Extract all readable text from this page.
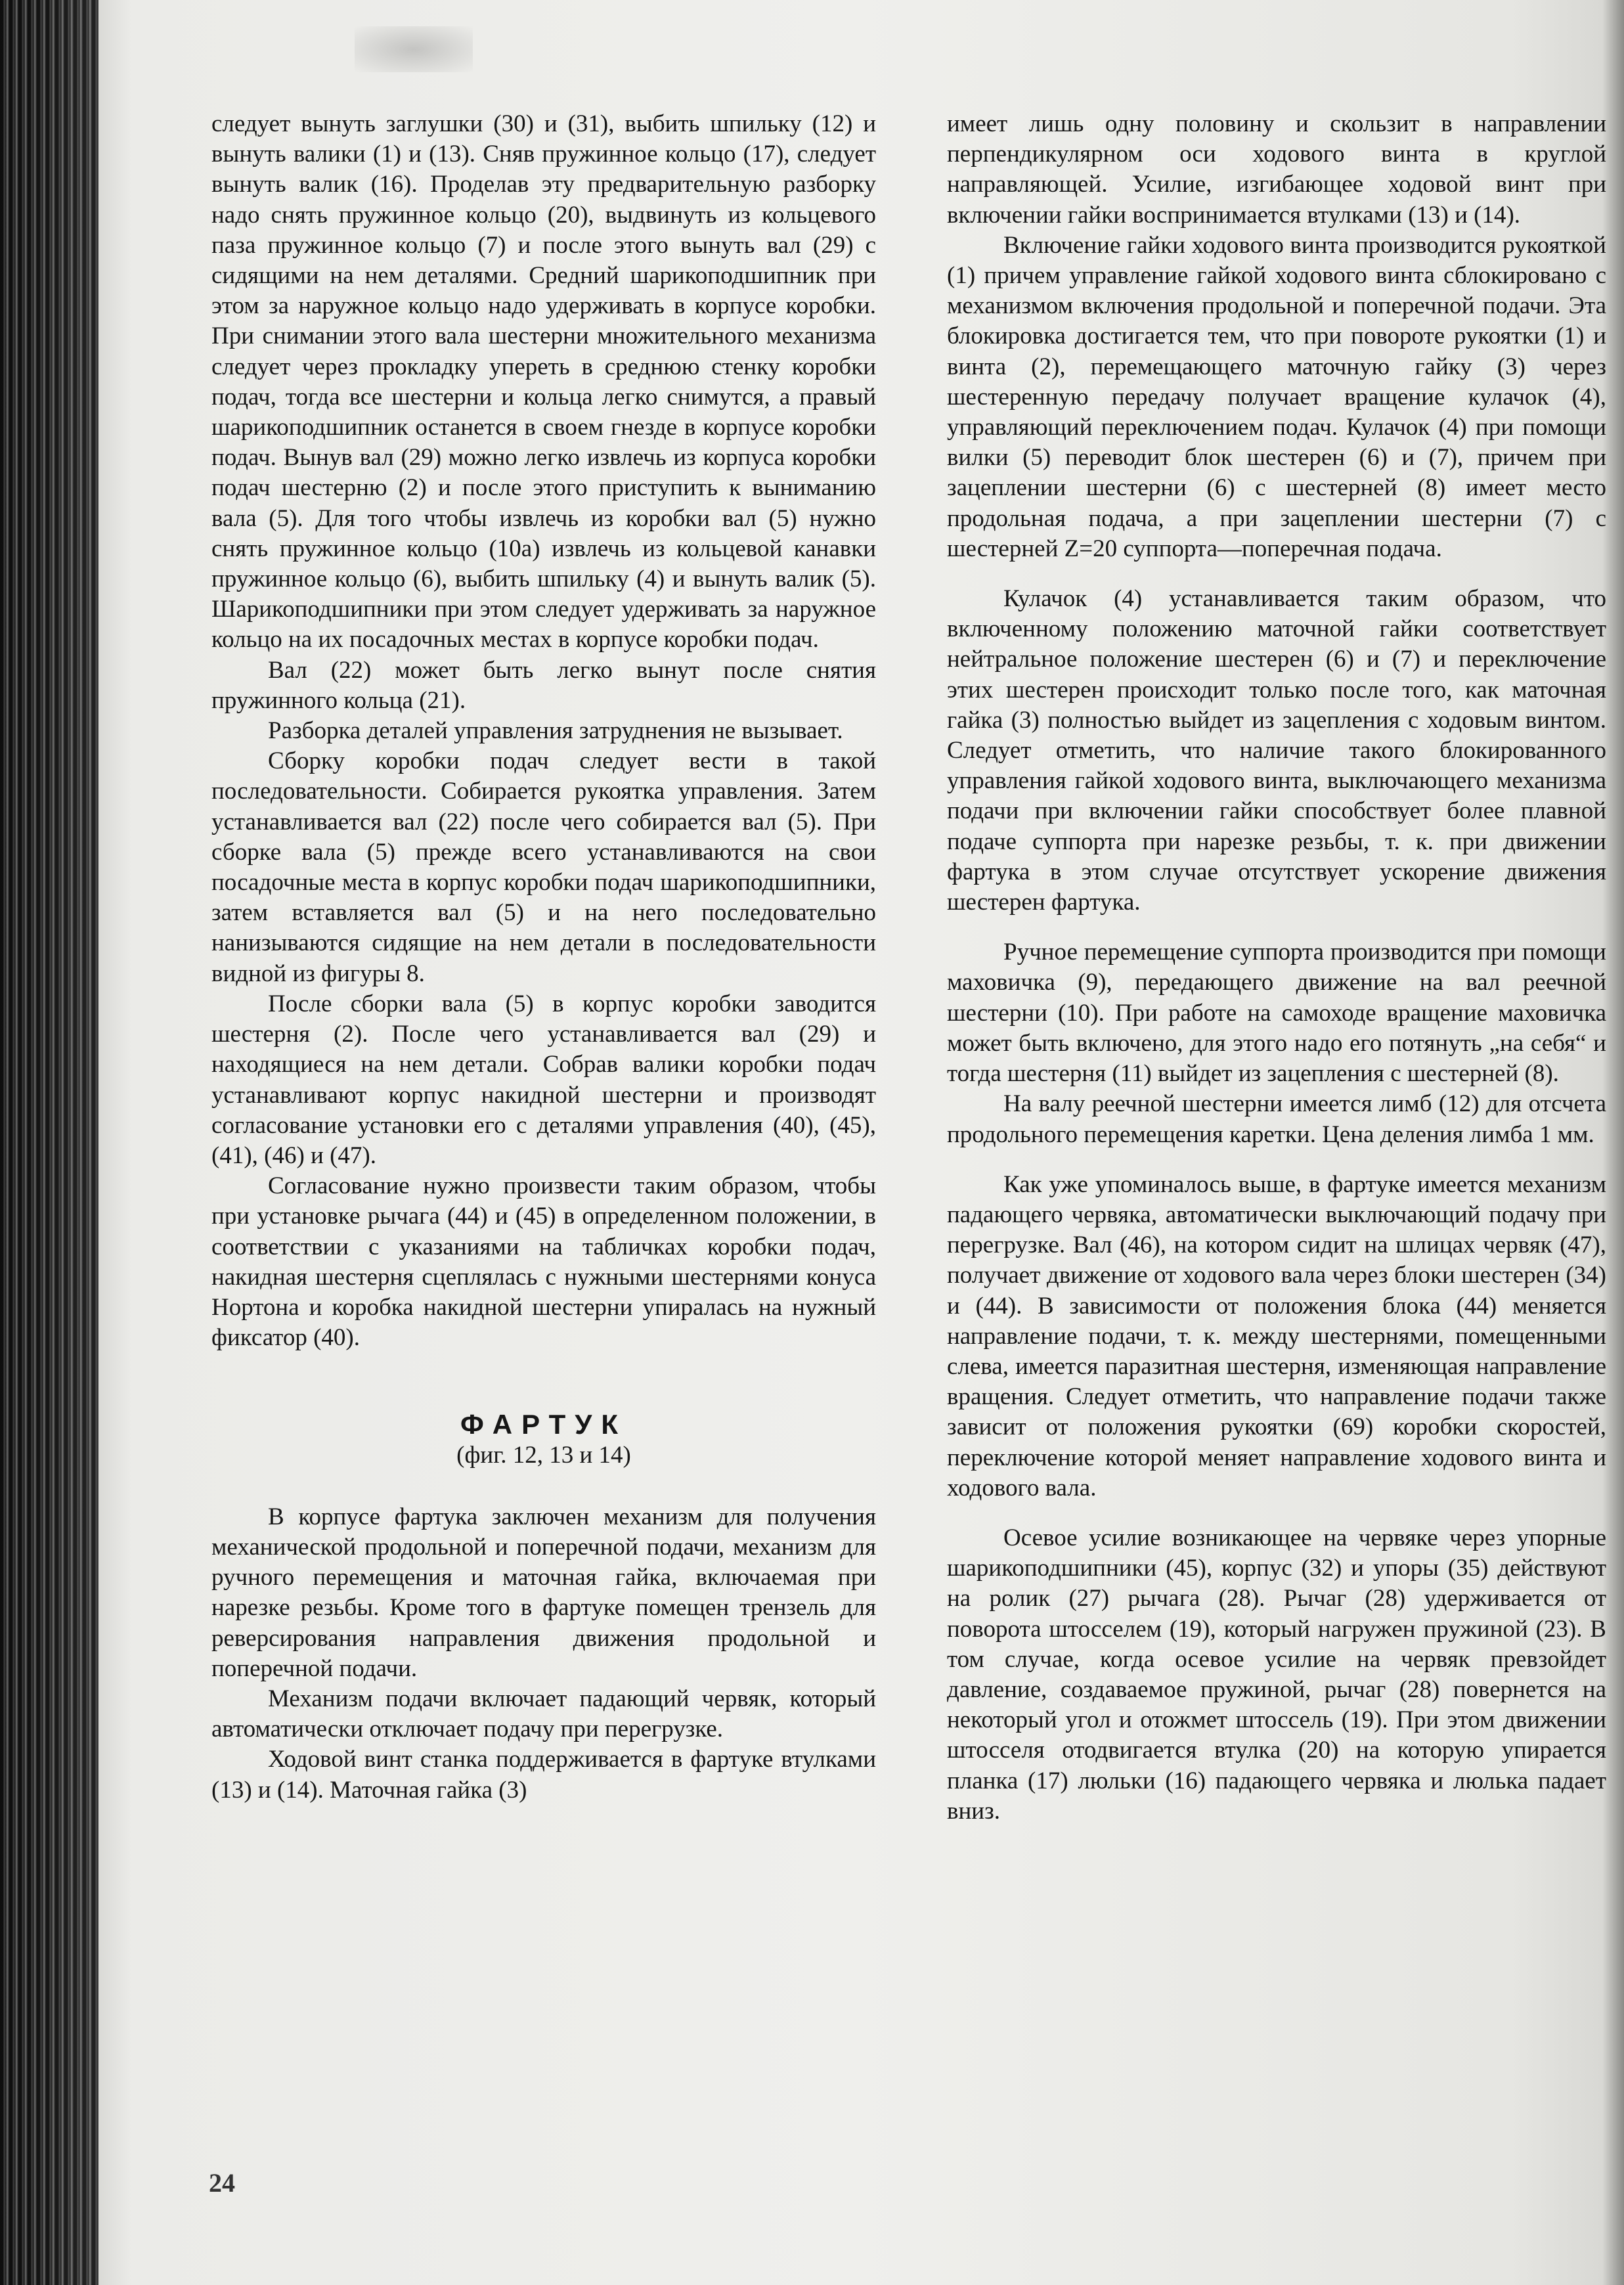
следует вынуть заглушки (30) и (31), выбить шпильку (12) и вынуть валики (1) и (13). Сняв пружинное кольцо (17), следует вынуть валик (16). Проделав эту предварительную разборку надо снять пружинное кольцо (20), выдвинуть из кольцевого паза пружинное кольцо (7) и после этого вынуть вал (29) с сидящими на нем деталями. Средний шарикоподшипник при этом за наружное кольцо надо удерживать в корпусе коробки. При снимании этого вала шестерни множительного механизма следует через прокладку упереть в среднюю стенку коробки подач, тогда все шестерни и кольца легко снимутся, а правый шарикоподшипник останется в своем гнезде в корпусе коробки подач. Вынув вал (29) можно легко извлечь из корпуса коробки подач шестерню (2) и после этого приступить к выниманию вала (5). Для того чтобы извлечь из коробки вал (5) нужно снять пружинное кольцо (10а) извлечь из кольцевой канавки пружинное кольцо (6), выбить шпильку (4) и вынуть валик (5). Шарикоподшипники при этом следует удерживать за наружное кольцо на их посадочных местах в корпусе коробки подач.

Вал (22) может быть легко вынут после снятия пружинного кольца (21).

Разборка деталей управления затруднения не вызывает.

Сборку коробки подач следует вести в такой последовательности. Собирается рукоятка управления. Затем устанавливается вал (22) после чего собирается вал (5). При сборке вала (5) прежде всего устанавливаются на свои посадочные места в корпус коробки подач шарикоподшипники, затем вставляется вал (5) и на него последовательно нанизываются сидящие на нем детали в последовательности видной из фигуры 8.

После сборки вала (5) в корпус коробки заводится шестерня (2). После чего устанавливается вал (29) и находящиеся на нем детали. Собрав валики коробки подач устанавливают корпус накидной шестерни и производят согласование установки его с деталями управления (40), (45), (41), (46) и (47).

Согласование нужно произвести таким образом, чтобы при установке рычага (44) и (45) в определенном положении, в соответствии с указаниями на табличках коробки подач, накидная шестерня сцеплялась с нужными шестернями конуса Нортона и коробка накидной шестерни упиралась на нужный фиксатор (40).

ФАРТУК

(фиг. 12, 13 и 14)

В корпусе фартука заключен механизм для получения механической продольной и поперечной подачи, механизм для ручного перемещения и маточная гайка, включаемая при нарезке резьбы. Кроме того в фартуке помещен трензель для реверсирования направления движения продольной и поперечной подачи.

Механизм подачи включает падающий червяк, который автоматически отключает подачу при перегрузке.

Ходовой винт станка поддерживается в фартуке втулками (13) и (14). Маточная гайка (3)

имеет лишь одну половину и скользит в направлении перпендикулярном оси ходового винта в круглой направляющей. Усилие, изгибающее ходовой винт при включении гайки воспринимается втулками (13) и (14).

Включение гайки ходового винта производится рукояткой (1) причем управление гайкой ходового винта сблокировано с механизмом включения продольной и поперечной подачи. Эта блокировка достигается тем, что при повороте рукоятки (1) и винта (2), перемещающего маточную гайку (3) через шестеренную передачу получает вращение кулачок (4), управляющий переключением подач. Кулачок (4) при помощи вилки (5) переводит блок шестерен (6) и (7), причем при зацеплении шестерни (6) с шестерней (8) имеет место продольная подача, а при зацеплении шестерни (7) с шестерней Z=20 суппорта—поперечная подача.

Кулачок (4) устанавливается таким образом, что включенному положению маточной гайки соответствует нейтральное положение шестерен (6) и (7) и переключение этих шестерен происходит только после того, как маточная гайка (3) полностью выйдет из зацепления с ходовым винтом. Следует отметить, что наличие такого блокированного управления гайкой ходового винта, выключающего механизма подачи при включении гайки способствует более плавной подаче суппорта при нарезке резьбы, т. к. при движении фартука в этом случае отсутствует ускорение движения шестерен фартука.

Ручное перемещение суппорта производится при помощи маховичка (9), передающего движение на вал реечной шестерни (10). При работе на самоходе вращение маховичка может быть включено, для этого надо его потянуть „на себя“ и тогда шестерня (11) выйдет из зацепления с шестерней (8).

На валу реечной шестерни имеется лимб (12) для отсчета продольного перемещения каретки. Цена деления лимба 1 мм.

Как уже упоминалось выше, в фартуке имеется механизм падающего червяка, автоматически выключающий подачу при перегрузке. Вал (46), на котором сидит на шлицах червяк (47), получает движение от ходового вала через блоки шестерен (34) и (44). В зависимости от положения блока (44) меняется направление подачи, т. к. между шестернями, помещенными слева, имеется паразитная шестерня, изменяющая направление вращения. Следует отметить, что направление подачи также зависит от положения рукоятки (69) коробки скоростей, переключение которой меняет направление ходового винта и ходового вала.

Осевое усилие возникающее на червяке через упорные шарикоподшипники (45), корпус (32) и упоры (35) действуют на ролик (27) рычага (28). Рычаг (28) удерживается от поворота штосселем (19), который нагружен пружиной (23). В том случае, когда осевое усилие на червяк превзойдет давление, создаваемое пружиной, рычаг (28) повернется на некоторый угол и отожмет штоссель (19). При этом движении штосселя отодвигается втулка (20) на которую упирается планка (17) люльки (16) падающего червяка и люлька падает вниз.

24
